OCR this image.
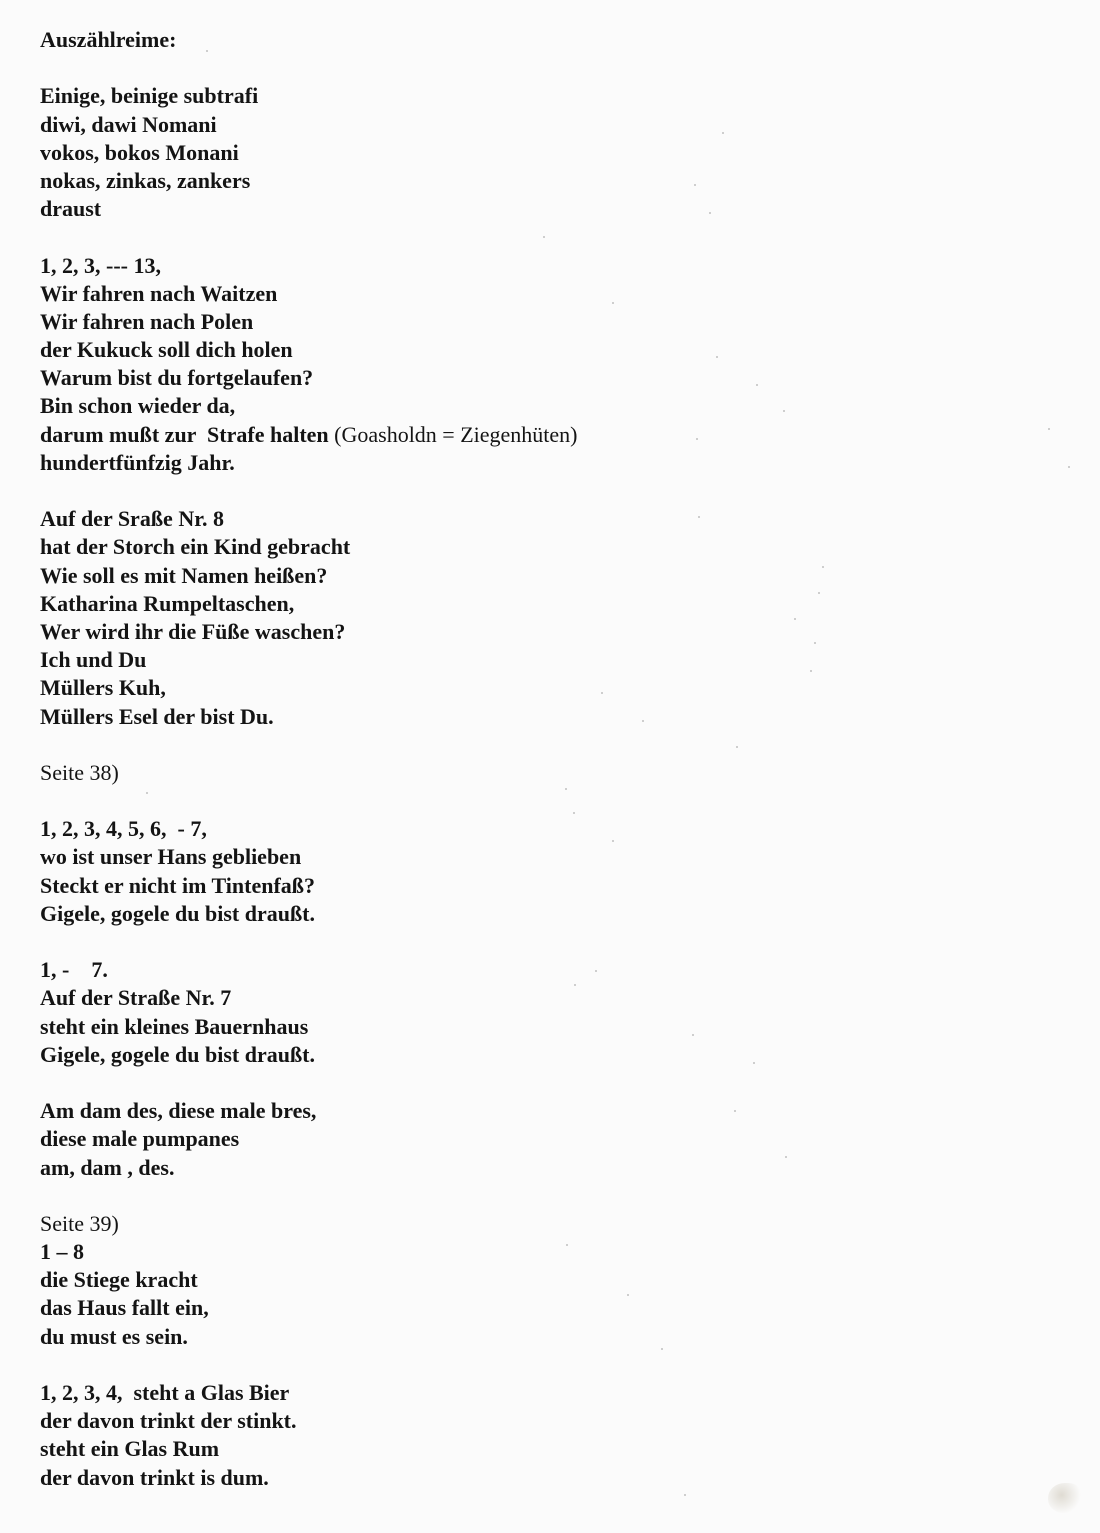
Auszählreime:
Einige, beinige subtrafi
diwi, dawi Nomani
vokos, bokos Monani
nokas, zinkas, zankers
draust
1, 2, 3, --- 13,
Wir fahren nach Waitzen
Wir fahren nach Polen
der Kukuck soll dich holen
Warum bist du fortgelaufen?
Bin schon wieder da,
darum mußt zur  Strafe halten (Goasholdn = Ziegenhüten)
hundertfünfzig Jahr.
Auf der Sraße Nr. 8
hat der Storch ein Kind gebracht
Wie soll es mit Namen heißen?
Katharina Rumpeltaschen,
Wer wird ihr die Füße waschen?
Ich und Du
Müllers Kuh,
Müllers Esel der bist Du.
Seite 38)
1, 2, 3, 4, 5, 6,  - 7,
wo ist unser Hans geblieben
Steckt er nicht im Tintenfaß?
Gigele, gogele du bist draußt.
1, -    7.
Auf der Straße Nr. 7
steht ein kleines Bauernhaus
Gigele, gogele du bist draußt.
Am dam des, diese male bres,
diese male pumpanes
am, dam , des.
Seite 39)
1 – 8
die Stiege kracht
das Haus fallt ein,
du must es sein.
1, 2, 3, 4,  steht a Glas Bier
der davon trinkt der stinkt.
steht ein Glas Rum
der davon trinkt is dum.
